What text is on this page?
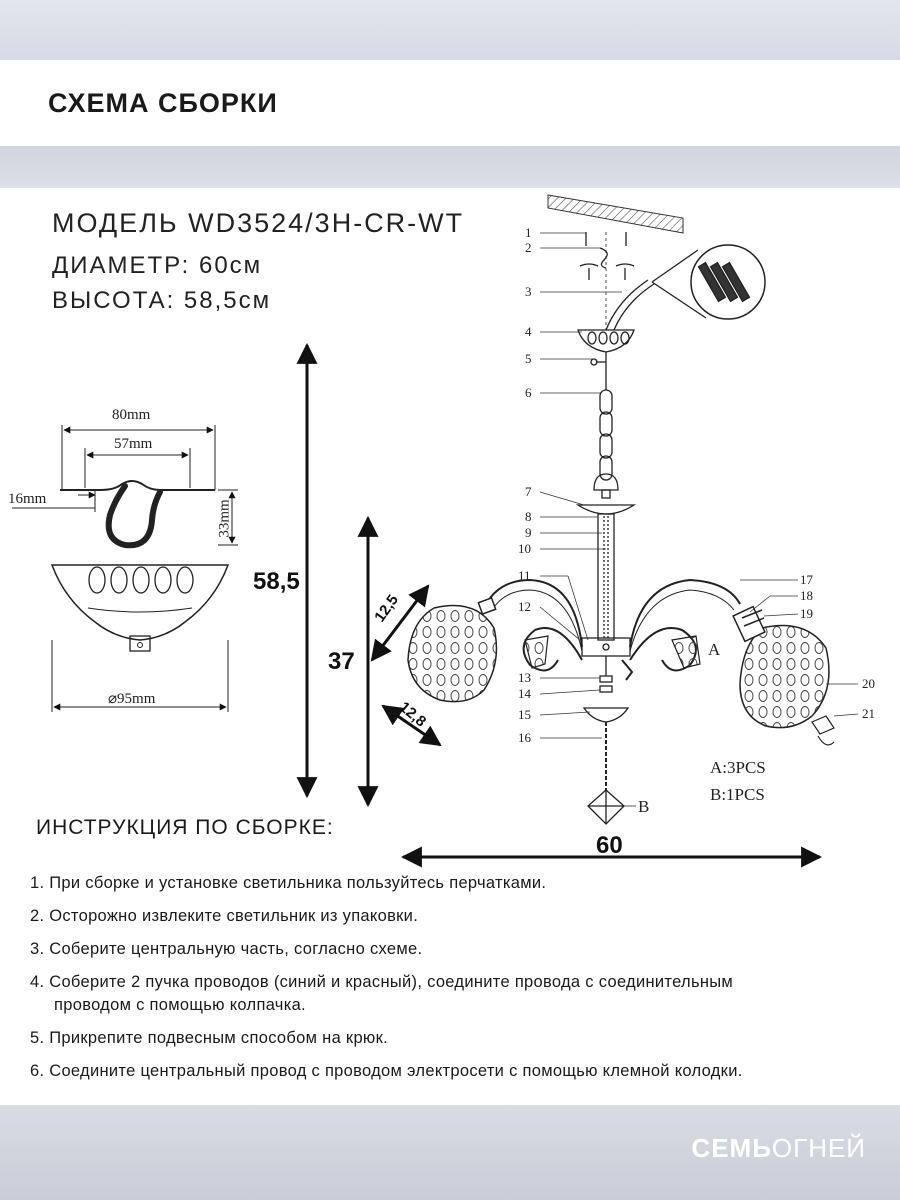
СХЕМА СБОРКИ

МОДЕЛЬ WD3524/3H-CR-WT

ДИАМЕТР: 60см

ВЫСОТА: 58,5см

1
2
3
4
5
6
7
8
9
10
11
12
13
14
15
16
17
18
19
20
21
A
B
A:3PCS
B:1PCS

58,5

37

60

12,5

12,8

80mm

57mm

16mm

33mm

⌀95mm

ИНСТРУКЦИЯ ПО СБОРКЕ:
1. При сборке и установке светильника пользуйтесь перчатками.
2. Осторожно извлеките светильник из упаковки.
3. Соберите центральную часть, согласно схеме.
4. Соберите 2 пучка проводов (синий и красный), соедините провода с соединительным
проводом с помощью колпачка.
5. Прикрепите подвесным способом на крюк.
6. Соедините центральный провод с проводом электросети с помощью клемной колодки.

СЕМЬОГНЕЙ
